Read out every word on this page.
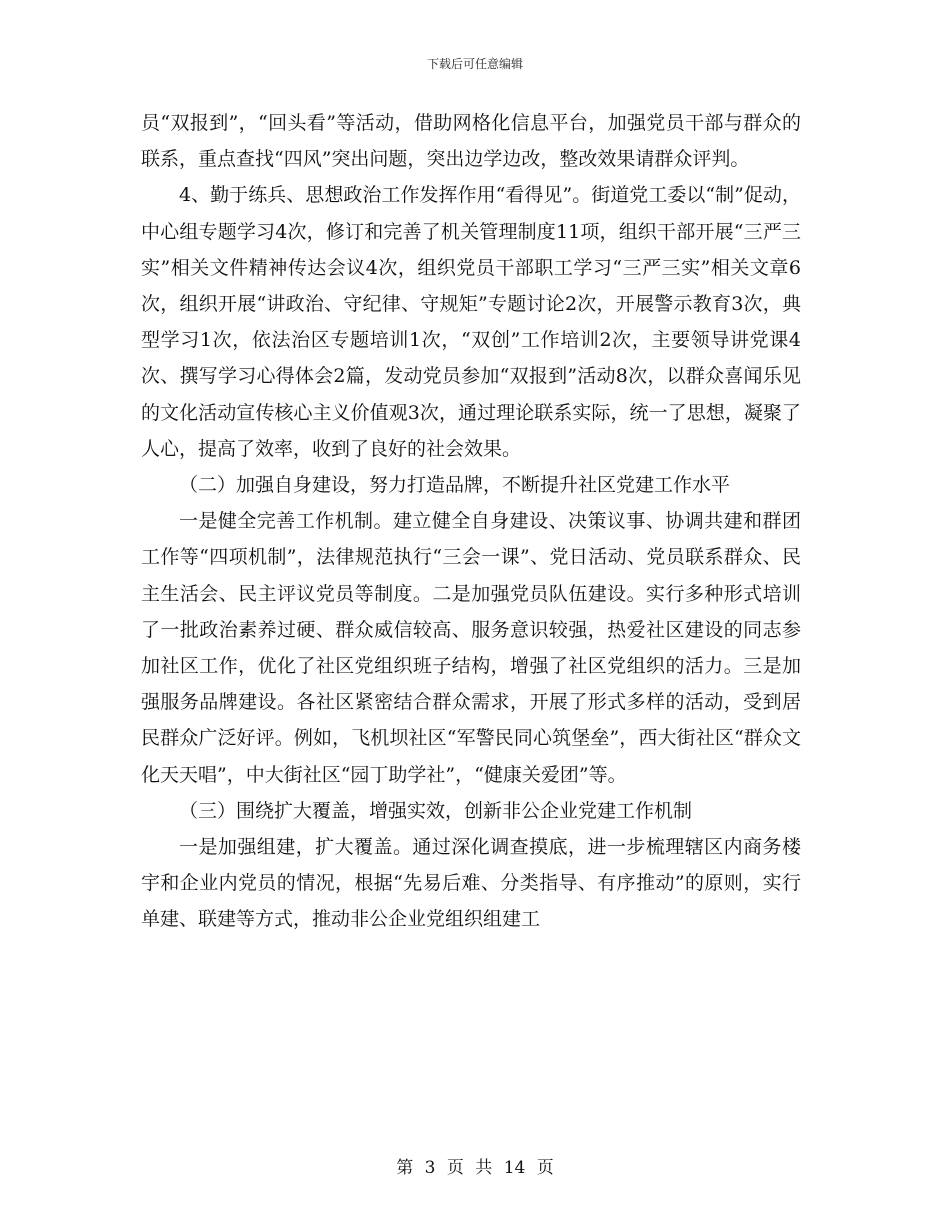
下载后可任意编辑

员“双报到”，“回头看”等活动，借助网格化信息平台，加强党员干部与群众的联系，重点查找“四风”突出问题，突出边学边改，整改效果请群众评判。

4、勤于练兵、思想政治工作发挥作用“看得见”。街道党工委以“制”促动，中心组专题学习4次，修订和完善了机关管理制度11项，组织干部开展“三严三实”相关文件精神传达会议4次，组织党员干部职工学习“三严三实”相关文章6次，组织开展“讲政治、守纪律、守规矩”专题讨论2次，开展警示教育3次，典型学习1次，依法治区专题培训1次，“双创”工作培训2次，主要领导讲党课4次、撰写学习心得体会2篇，发动党员参加“双报到”活动8次，以群众喜闻乐见的文化活动宣传核心主义价值观3次，通过理论联系实际，统一了思想，凝聚了人心，提高了效率，收到了良好的社会效果。

（二）加强自身建设，努力打造品牌，不断提升社区党建工作水平

一是健全完善工作机制。建立健全自身建设、决策议事、协调共建和群团工作等“四项机制”，法律规范执行“三会一课”、党日活动、党员联系群众、民主生活会、民主评议党员等制度。二是加强党员队伍建设。实行多种形式培训了一批政治素养过硬、群众威信较高、服务意识较强，热爱社区建设的同志参加社区工作，优化了社区党组织班子结构，增强了社区党组织的活力。三是加强服务品牌建设。各社区紧密结合群众需求，开展了形式多样的活动，受到居民群众广泛好评。例如，飞机坝社区“军警民同心筑堡垒”，西大街社区“群众文化天天唱”，中大街社区“园丁助学社”，“健康关爱团”等。

（三）围绕扩大覆盖，增强实效，创新非公企业党建工作机制

一是加强组建，扩大覆盖。通过深化调查摸底，进一步梳理辖区内商务楼宇和企业内党员的情况，根据“先易后难、分类指导、有序推动”的原则，实行单建、联建等方式，推动非公企业党组织组建工

第 3 页 共 14 页
